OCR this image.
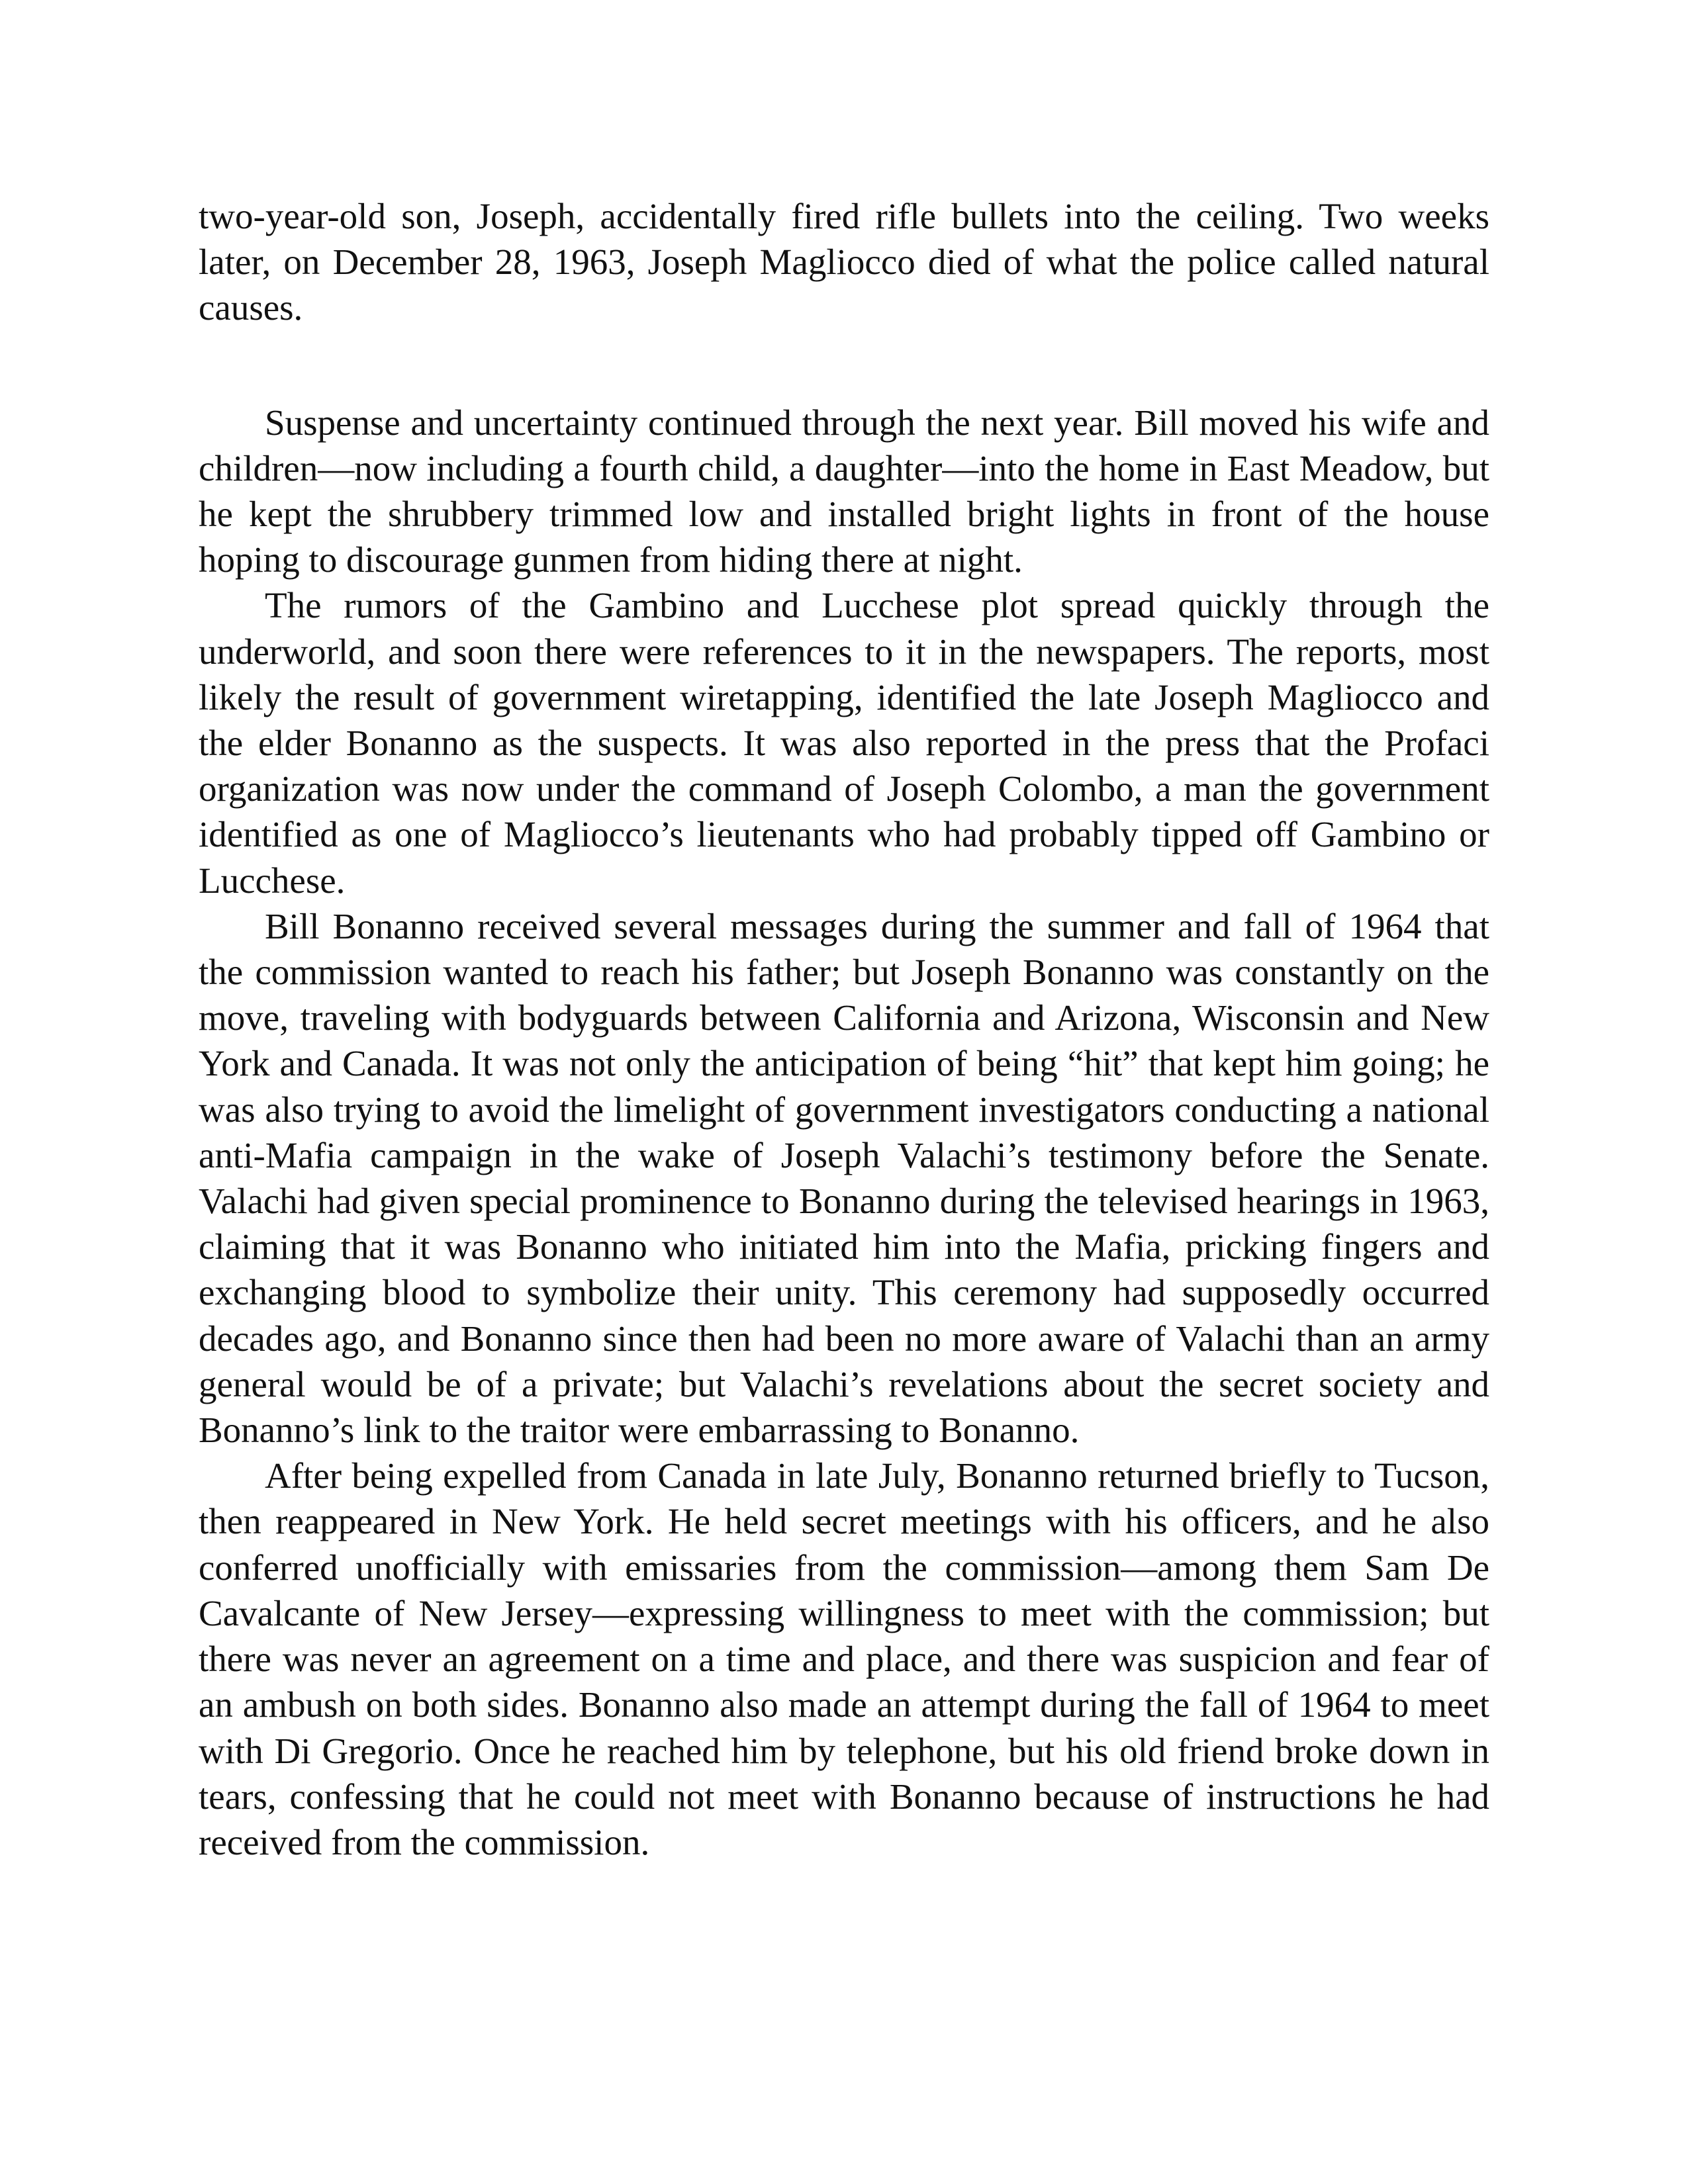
two-year-old son, Joseph, accidentally fired rifle bullets into the ceiling. Two weeks later, on December 28, 1963, Joseph Magliocco died of what the police called natural causes.

Suspense and uncertainty continued through the next year. Bill moved his wife and children—now including a fourth child, a daughter—into the home in East Meadow, but he kept the shrubbery trimmed low and installed bright lights in front of the house hoping to discourage gunmen from hiding there at night.

The rumors of the Gambino and Lucchese plot spread quickly through the underworld, and soon there were references to it in the newspapers. The reports, most likely the result of government wiretapping, identified the late Joseph Magliocco and the elder Bonanno as the suspects. It was also reported in the press that the Profaci organization was now under the command of Joseph Colombo, a man the government identified as one of Magliocco’s lieutenants who had probably tipped off Gambino or Lucchese.

Bill Bonanno received several messages during the summer and fall of 1964 that the commission wanted to reach his father; but Joseph Bonanno was constantly on the move, traveling with bodyguards between California and Arizona, Wisconsin and New York and Canada. It was not only the anticipation of being “hit” that kept him going; he was also trying to avoid the limelight of government investigators conducting a national anti-Mafia campaign in the wake of Joseph Valachi’s testimony before the Senate. Valachi had given special prominence to Bonanno during the televised hearings in 1963, claiming that it was Bonanno who initiated him into the Mafia, pricking fingers and exchanging blood to symbolize their unity. This ceremony had supposedly occurred decades ago, and Bonanno since then had been no more aware of Valachi than an army general would be of a private; but Valachi’s revelations about the secret society and Bonanno’s link to the traitor were embarrassing to Bonanno.

After being expelled from Canada in late July, Bonanno returned briefly to Tucson, then reappeared in New York. He held secret meetings with his officers, and he also conferred unofficially with emissaries from the commission—among them Sam De Cavalcante of New Jersey—expressing willingness to meet with the commission; but there was never an agreement on a time and place, and there was suspicion and fear of an ambush on both sides. Bonanno also made an attempt during the fall of 1964 to meet with Di Gregorio. Once he reached him by telephone, but his old friend broke down in tears, confessing that he could not meet with Bonanno because of instructions he had received from the commission.
